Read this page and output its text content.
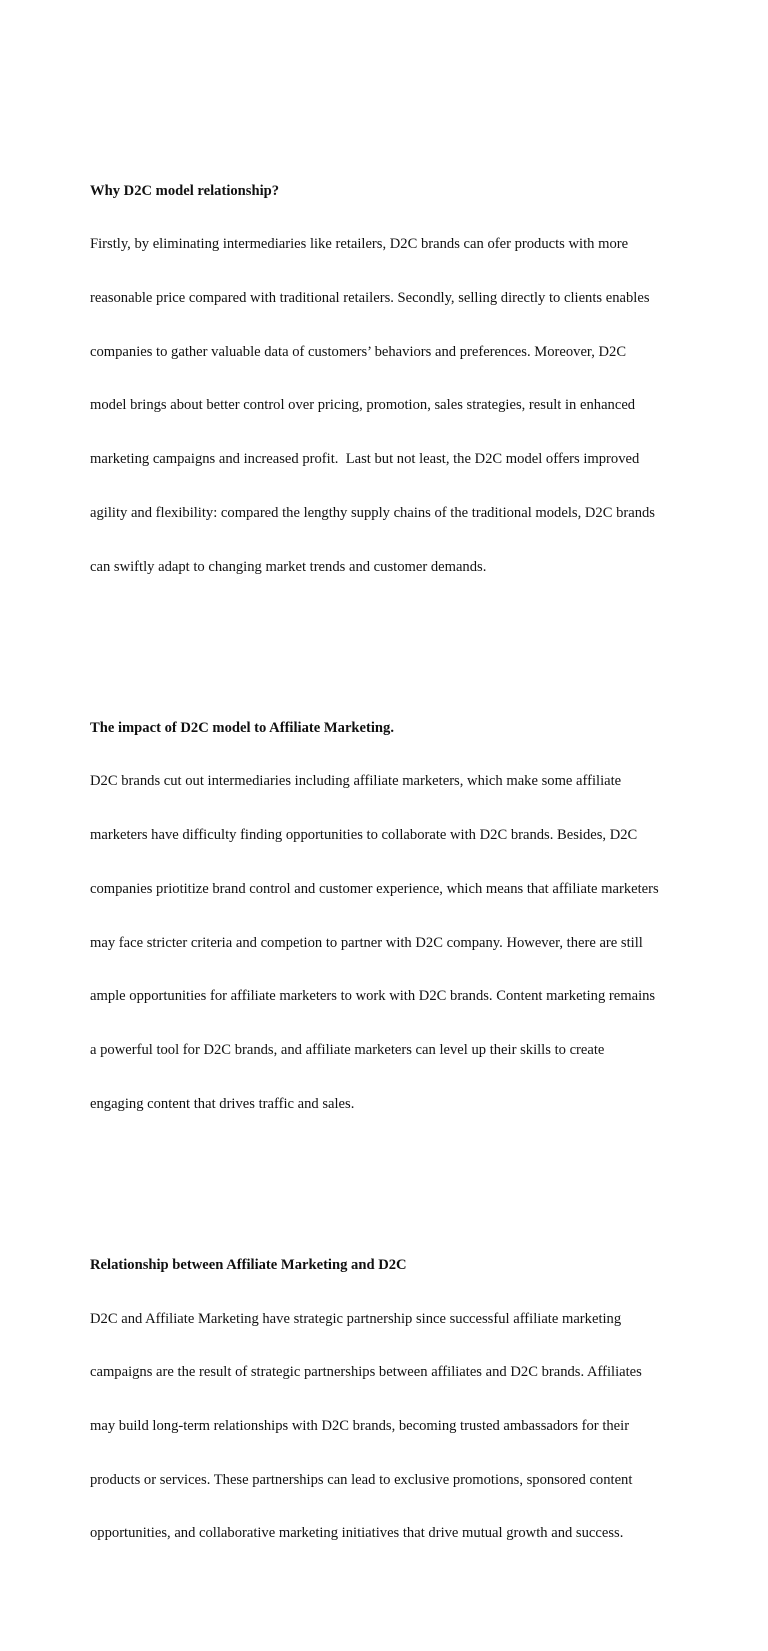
Why D2C model relationship?

Firstly, by eliminating intermediaries like retailers, D2C brands can ofer products with more

reasonable price compared with traditional retailers. Secondly, selling directly to clients enables

companies to gather valuable data of customers’ behaviors and preferences. Moreover, D2C

model brings about better control over pricing, promotion, sales strategies, result in enhanced

marketing campaigns and increased profit.  Last but not least, the D2C model offers improved

agility and flexibility: compared the lengthy supply chains of the traditional models, D2C brands

can swiftly adapt to changing market trends and customer demands.

The impact of D2C model to Affiliate Marketing.

D2C brands cut out intermediaries including affiliate marketers, which make some affiliate

marketers have difficulty finding opportunities to collaborate with D2C brands. Besides, D2C

companies priotitize brand control and customer experience, which means that affiliate marketers

may face stricter criteria and competion to partner with D2C company. However, there are still

ample opportunities for affiliate marketers to work with D2C brands. Content marketing remains

a powerful tool for D2C brands, and affiliate marketers can level up their skills to create

engaging content that drives traffic and sales.

Relationship between Affiliate Marketing and D2C

D2C and Affiliate Marketing have strategic partnership since successful affiliate marketing

campaigns are the result of strategic partnerships between affiliates and D2C brands. Affiliates

may build long-term relationships with D2C brands, becoming trusted ambassadors for their

products or services. These partnerships can lead to exclusive promotions, sponsored content

opportunities, and collaborative marketing initiatives that drive mutual growth and success.
